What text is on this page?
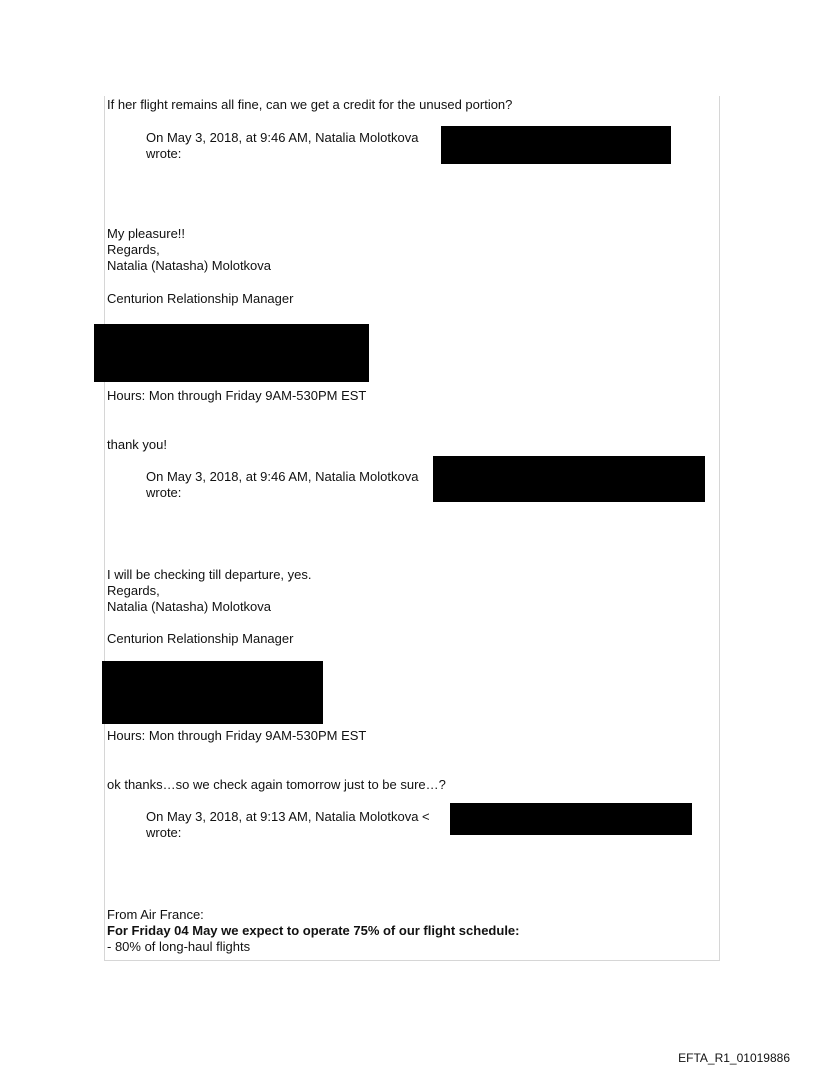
If her flight remains all fine, can we get a credit for the unused portion?
On May 3, 2018, at 9:46 AM, Natalia Molotkova
wrote:
My pleasure!!
Regards,
Natalia (Natasha) Molotkova
Centurion Relationship Manager
Hours: Mon through Friday 9AM-530PM EST
thank you!
On May 3, 2018, at 9:46 AM, Natalia Molotkova
wrote:
I will be checking till departure, yes.
Regards,
Natalia (Natasha) Molotkova
Centurion Relationship Manager
Hours: Mon through Friday 9AM-530PM EST
ok thanks…so we check again tomorrow just to be sure…?
On May 3, 2018, at 9:13 AM, Natalia Molotkova <
wrote:
From Air France:
For Friday 04 May we expect to operate 75% of our flight schedule:
- 80% of long-haul flights
EFTA_R1_01019886
